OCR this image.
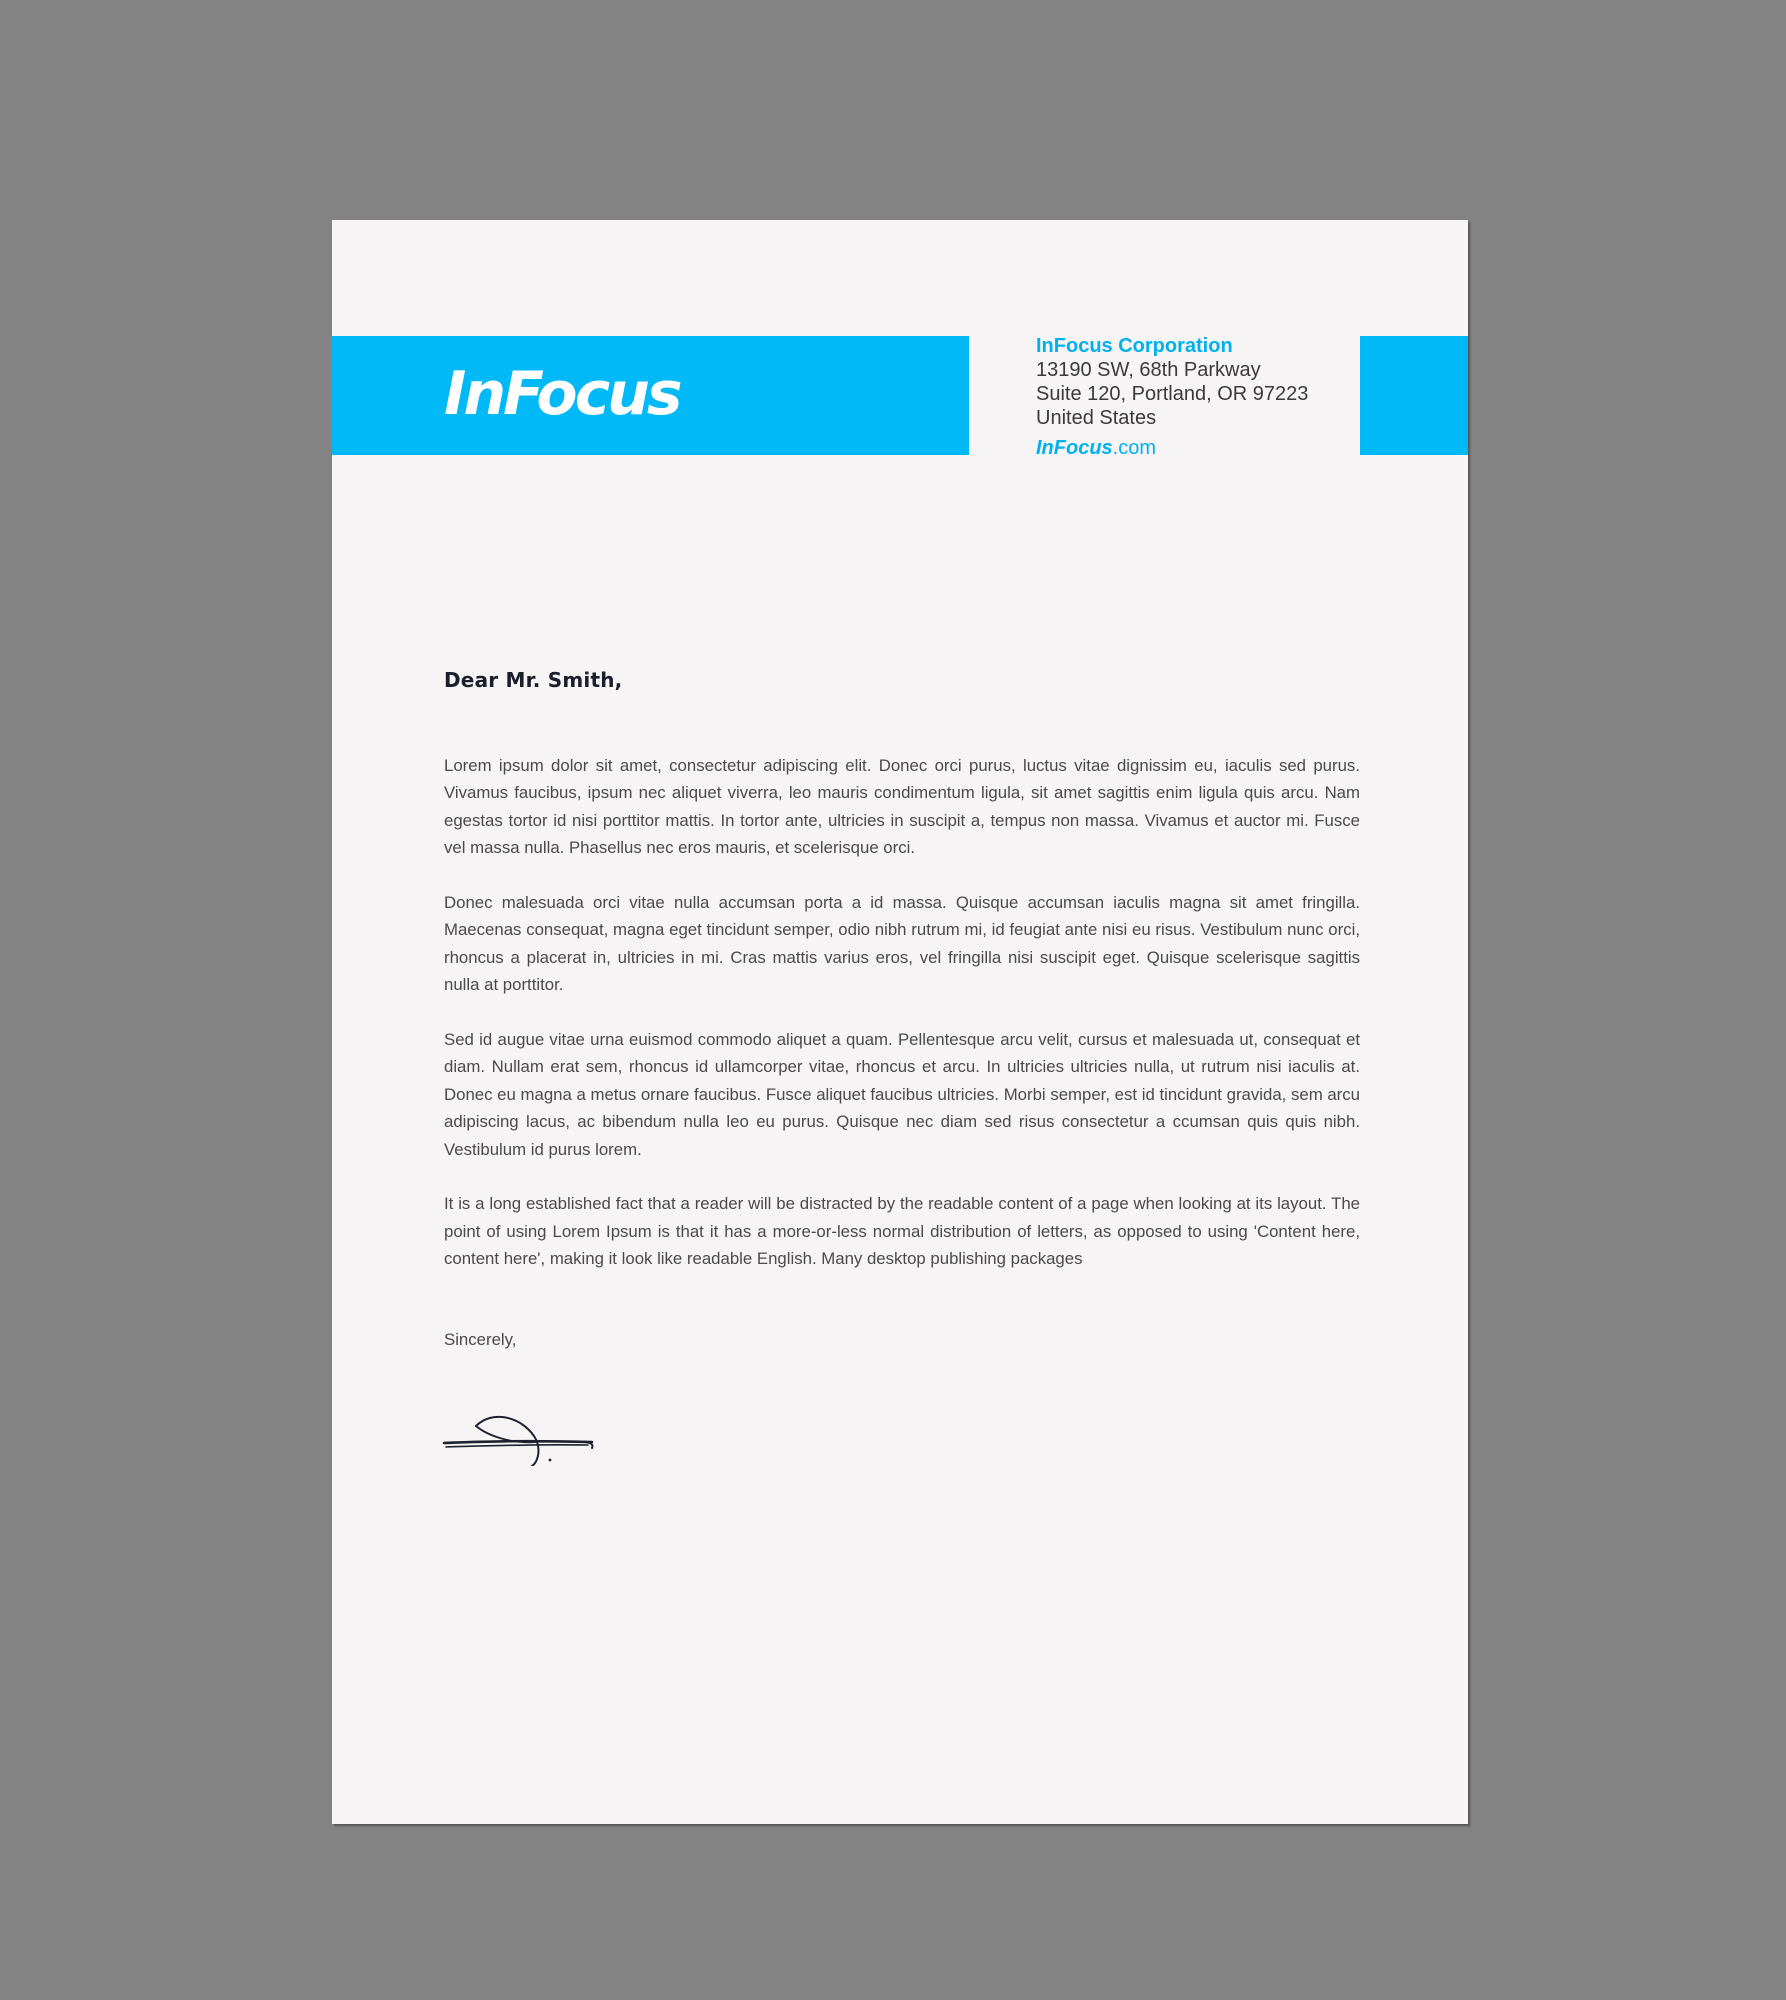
InFocus
InFocus Corporation
13190 SW, 68th Parkway
Suite 120, Portland, OR 97223
United States
InFocus.com
Dear Mr. Smith,

Lorem ipsum dolor sit amet, consectetur adipiscing elit. Donec orci purus, luctus vitae dignissim eu, iaculis sed purus. Vivamus faucibus, ipsum nec aliquet viverra, leo mauris condimentum ligula, sit amet sagittis enim ligula quis arcu. Nam egestas tortor id nisi porttitor mattis. In tortor ante, ultricies in suscipit a, tempus non massa. Vivamus et auctor mi. Fusce vel massa nulla. Phasellus nec eros mauris, et scelerisque orci.

Donec malesuada orci vitae nulla accumsan porta a id massa. Quisque accumsan iaculis magna sit amet fringilla. Maecenas consequat, magna eget tincidunt semper, odio nibh rutrum mi, id feugiat ante nisi eu risus. Vestibulum nunc orci, rhoncus a placerat in, ultricies in mi. Cras mattis varius eros, vel fringilla nisi suscipit eget. Quisque scelerisque sagittis nulla at porttitor.

Sed id augue vitae urna euismod commodo aliquet a quam. Pellentesque arcu velit, cursus et malesuada ut, consequat et diam. Nullam erat sem, rhoncus id ullamcorper vitae, rhoncus et arcu. In ultricies ultricies nulla, ut rutrum nisi iaculis at. Donec eu magna a metus ornare faucibus. Fusce aliquet faucibus ultricies. Morbi semper, est id tincidunt gravida, sem arcu adipiscing lacus, ac bibendum nulla leo eu purus. Quisque nec diam sed risus consectetur a ccumsan quis quis nibh. Vestibulum id purus lorem.

It is a long established fact that a reader will be distracted by the readable content of a page when looking at its layout. The point of using Lorem Ipsum is that it has a more-or-less normal distribution of letters, as opposed to using 'Content here, content here', making it look like readable English. Many desktop publishing packages

Sincerely,
